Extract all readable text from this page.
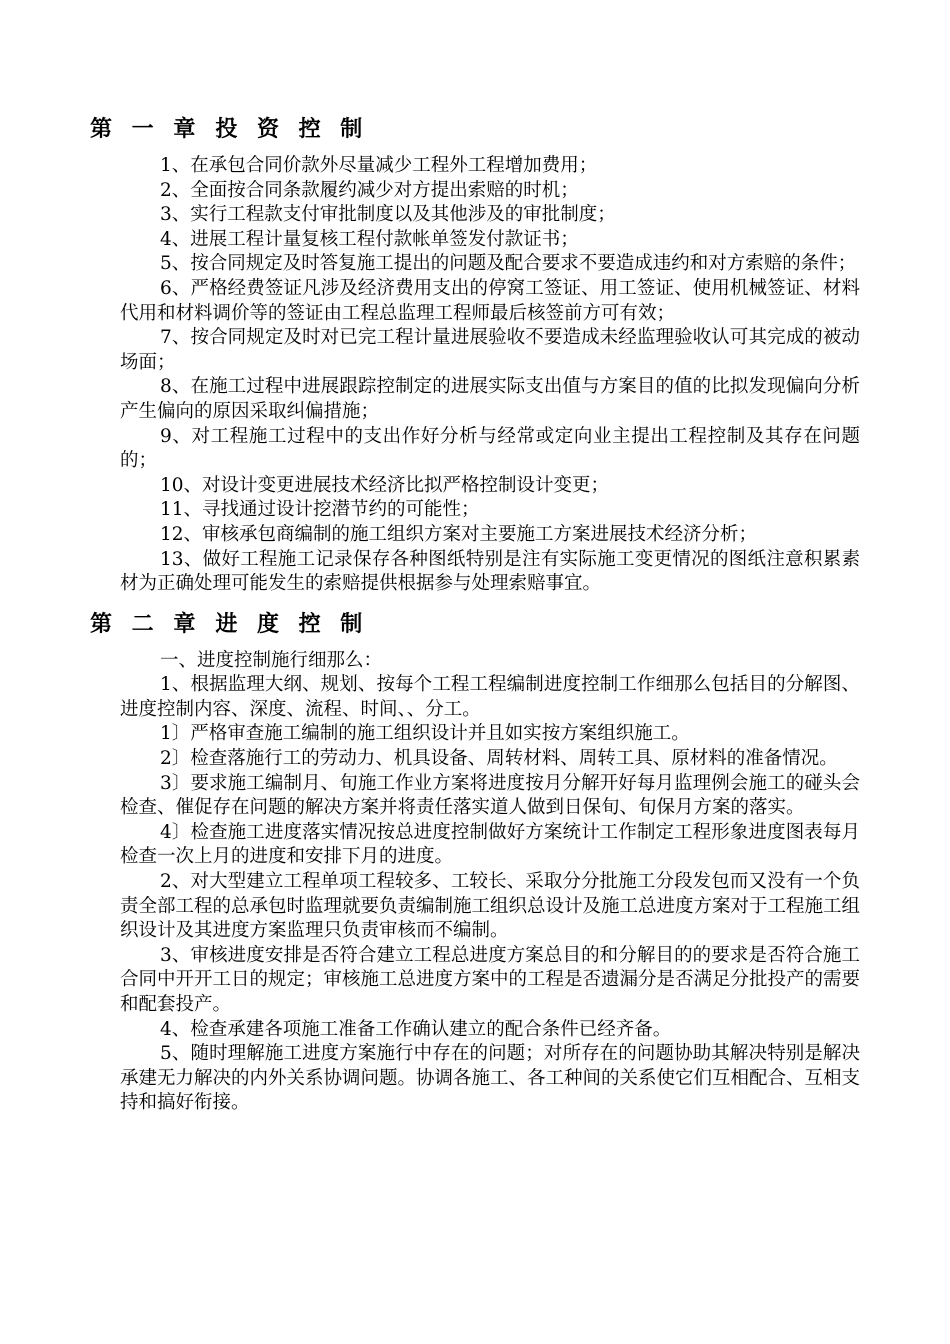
第 一 章 投 资 控 制

1、在承包合同价款外尽量减少工程外工程增加费用；

2、全面按合同条款履约减少对方提出索赔的时机；

3、实行工程款支付审批制度以及其他涉及的审批制度；

4、进展工程计量复核工程付款帐单签发付款证书；

5、按合同规定及时答复施工提出的问题及配合要求不要造成违约和对方索赔的条件；

6、严格经费签证凡涉及经济费用支出的停窝工签证、用工签证、使用机械签证、材料代用和材料调价等的签证由工程总监理工程师最后核签前方可有效；

7、按合同规定及时对已完工程计量进展验收不要造成未经监理验收认可其完成的被动场面；

8、在施工过程中进展跟踪控制定的进展实际支出值与方案目的值的比拟发现偏向分析产生偏向的原因采取纠偏措施；

9、对工程施工过程中的支出作好分析与经常或定向业主提出工程控制及其存在问题的；

10、对设计变更进展技术经济比拟严格控制设计变更；

11、寻找通过设计挖潜节约的可能性；

12、审核承包商编制的施工组织方案对主要施工方案进展技术经济分析；

13、做好工程施工记录保存各种图纸特别是注有实际施工变更情况的图纸注意积累素材为正确处理可能发生的索赔提供根据参与处理索赔事宜。

第 二 章 进 度 控 制

一、进度控制施行细那么：

1、根据监理大纲、规划、按每个工程工程编制进度控制工作细那么包括目的分解图、进度控制内容、深度、流程、时间、、分工。

1〕严格审查施工编制的施工组织设计并且如实按方案组织施工。

2〕检查落施行工的劳动力、机具设备、周转材料、周转工具、原材料的准备情况。

3〕要求施工编制月、旬施工作业方案将进度按月分解开好每月监理例会施工的碰头会检查、催促存在问题的解决方案并将责任落实道人做到日保旬、旬保月方案的落实。

4〕检查施工进度落实情况按总进度控制做好方案统计工作制定工程形象进度图表每月检查一次上月的进度和安排下月的进度。

2、对大型建立工程单项工程较多、工较长、采取分分批施工分段发包而又没有一个负责全部工程的总承包时监理就要负责编制施工组织总设计及施工总进度方案对于工程施工组织设计及其进度方案监理只负责审核而不编制。

3、审核进度安排是否符合建立工程总进度方案总目的和分解目的的要求是否符合施工合同中开开工日的规定；审核施工总进度方案中的工程是否遗漏分是否满足分批投产的需要和配套投产。

4、检查承建各项施工准备工作确认建立的配合条件已经齐备。

5、随时理解施工进度方案施行中存在的问题；对所存在的问题协助其解决特别是解决承建无力解决的内外关系协调问题。协调各施工、各工种间的关系使它们互相配合、互相支持和搞好衔接。
